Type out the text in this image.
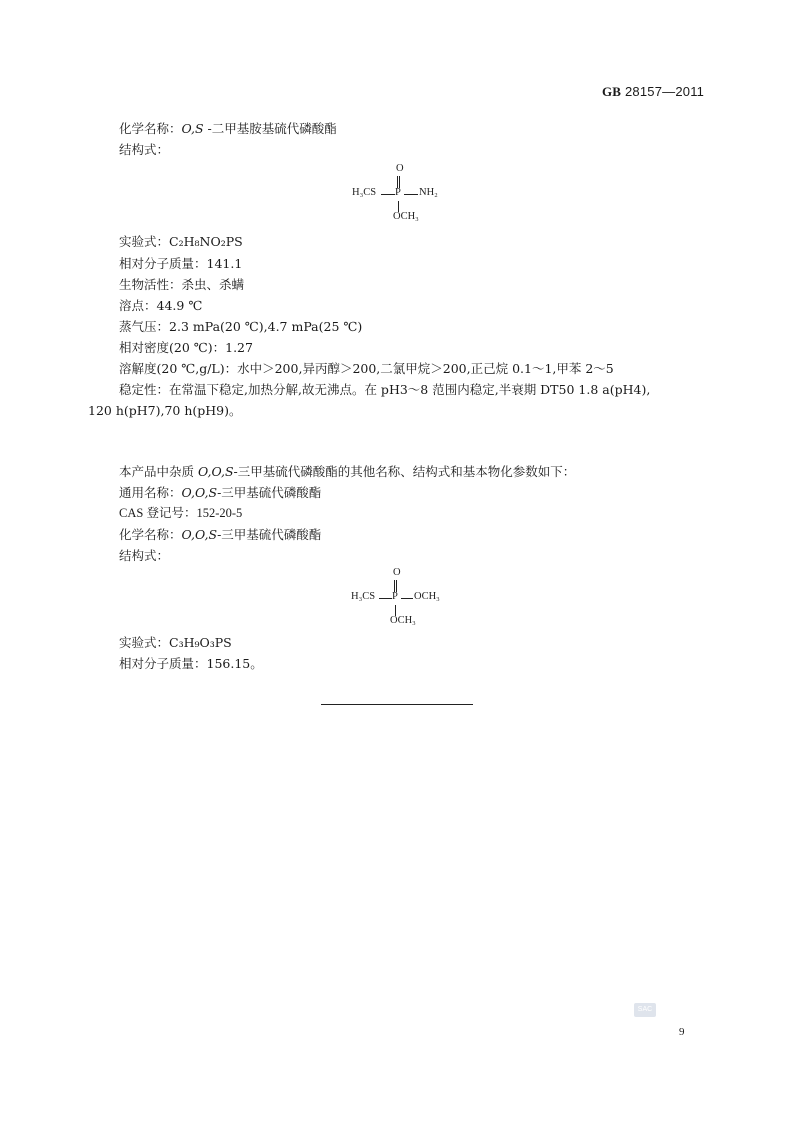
GB 28157—2011
化学名称：O,S -二甲基胺基硫代磷酸酯
结构式：
O
H₃CS P NH₂
OCH₃
实验式：C₂H₈NO₂PS
相对分子质量：141.1
生物活性：杀虫、杀螨
溶点：44.9 ℃
蒸气压：2.3 mPa(20 ℃),4.7 mPa(25 ℃)
相对密度(20 ℃)：1.27
溶解度(20 ℃,g/L)：水中＞200,异丙醇＞200,二氯甲烷＞200,正己烷 0.1～1,甲苯 2～5
稳定性：在常温下稳定,加热分解,故无沸点。在 pH3～8 范围内稳定,半衰期 DT50 1.8 a(pH4),
120 h(pH7),70 h(pH9)。
本产品中杂质 O,O,S-三甲基硫代磷酸酯的其他名称、结构式和基本物化参数如下：
通用名称：O,O,S-三甲基硫代磷酸酯
CAS 登记号：152-20-5
化学名称：O,O,S-三甲基硫代磷酸酯
结构式：
O
H₃CS P OCH₃
OCH₃
实验式：C₃H₉O₃PS
相对分子质量：156.15。
SAC
9
